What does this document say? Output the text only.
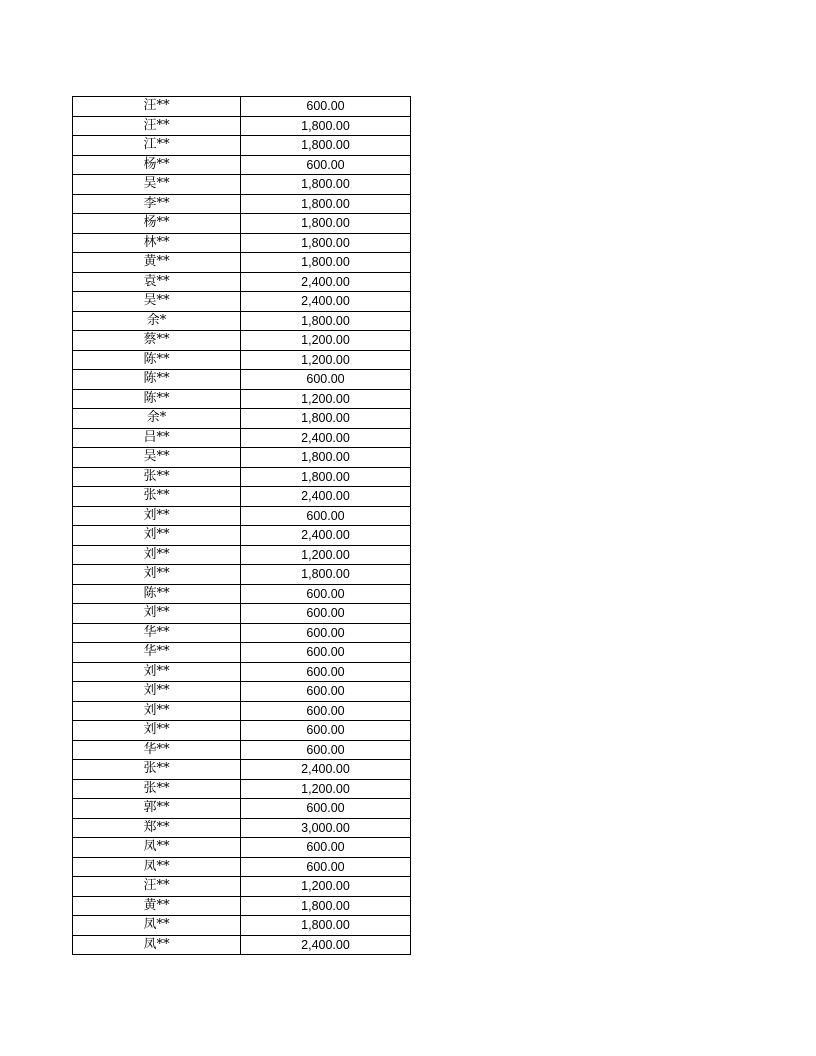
汪**	600.00
汪**	1,800.00
江**	1,800.00
杨**	600.00
吴**	1,800.00
李**	1,800.00
杨**	1,800.00
林**	1,800.00
黄**	1,800.00
袁**	2,400.00
吴**	2,400.00
余*	1,800.00
蔡**	1,200.00
陈**	1,200.00
陈**	600.00
陈**	1,200.00
余*	1,800.00
吕**	2,400.00
吴**	1,800.00
张**	1,800.00
张**	2,400.00
刘**	600.00
刘**	2,400.00
刘**	1,200.00
刘**	1,800.00
陈**	600.00
刘**	600.00
华**	600.00
华**	600.00
刘**	600.00
刘**	600.00
刘**	600.00
刘**	600.00
华**	600.00
张**	2,400.00
张**	1,200.00
郭**	600.00
郑**	3,000.00
凤**	600.00
凤**	600.00
汪**	1,200.00
黄**	1,800.00
凤**	1,800.00
凤**	2,400.00
